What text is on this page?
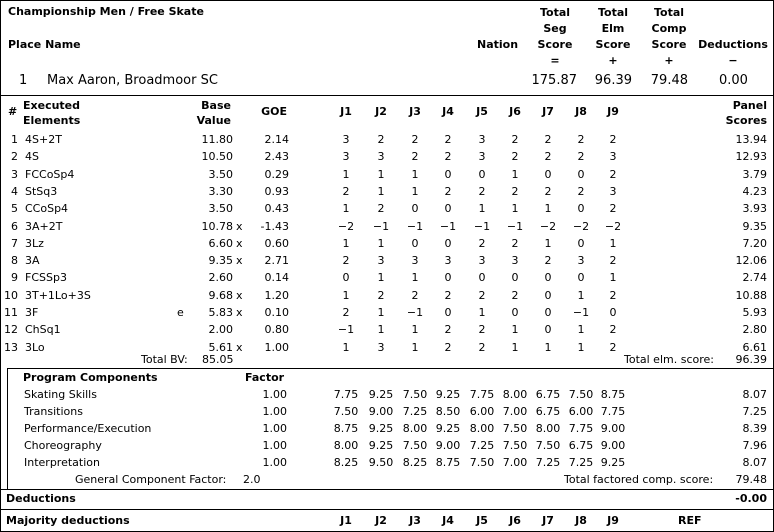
Championship Men / Free Skate
Place Name	Nation
Total
Seg
Score
=
Total
Elm
Score
+
Total
Comp
Score
+
Deductions
−
1 Max Aaron, Broadmoor SC	175.87	96.39	79.48 0.00
# Executed
Elements
Base
Value
GOE	J1	J2	J3	J4	J5	J6	J7	J8	J9	Panel
Scores
1 4S+2T	11.80	2.14	3	2	2	2	3	2	2	2	2	13.94
2 4S	10.50	2.43	3	3	2	2	3	2	2	2	3	12.93
3 FCCoSp4	3.50	0.29	1	1	1	0	0	1	0	0	2	3.79
4 StSq3	3.30	0.93	2	1	1	2	2	2	2	2	3	4.23
5 CCoSp4	3.50	0.43	1	2	0	0	1	1	1	0	2	3.93
6 3A+2T	10.78 x	-1.43	−2	−1	−1	−1	−1	−1	−2	−2	−2	9.35
7 3Lz	6.60 x	0.60	1	1	0	0	2	2	1	0	1	7.20
8 3A	9.35 x	2.71	2	3	3	3	3	3	2	3	2	12.06
9 FCSSp3	2.60	0.14	0	1	1	0	0	0	0	0	1	2.74
10 3T+1Lo+3S	9.68 x	1.20	1	2	2	2	2	2	0	1	2	10.88
11 3F	e	5.83 x	0.10	2	1	−1	0	1	0	0	−1	0	5.93
12 ChSq1	2.00	0.80	−1	1	1	2	2	1	0	1	2	2.80
13 3Lo	5.61 x	1.00	1	3	1	2	2	1	1	1	2	6.61
Total BV: 85.05	Total elm. score:	96.39
Program Components	Factor
Skating Skills	1.00	7.75 9.25 7.50 9.25 7.75 8.00 6.75 7.50 8.75	8.07
Transitions	1.00	7.50 9.00 7.25 8.50 6.00 7.00 6.75 6.00 7.75	7.25
Performance/Execution	1.00	8.75 9.25 8.00 9.25 8.00 7.50 8.00 7.75 9.00	8.39
Choreography	1.00	8.00 9.25 7.50 9.00 7.25 7.50 7.50 6.75 9.00	7.96
Interpretation	1.00	8.25 9.50 8.25 8.75 7.50 7.00 7.25 7.25 9.25	8.07
General Component Factor: 2.0	Total factored comp. score:	79.48
Deductions	-0.00
Majority deductions	J1	J2	J3	J4	J5	J6	J7	J8	J9	REF
